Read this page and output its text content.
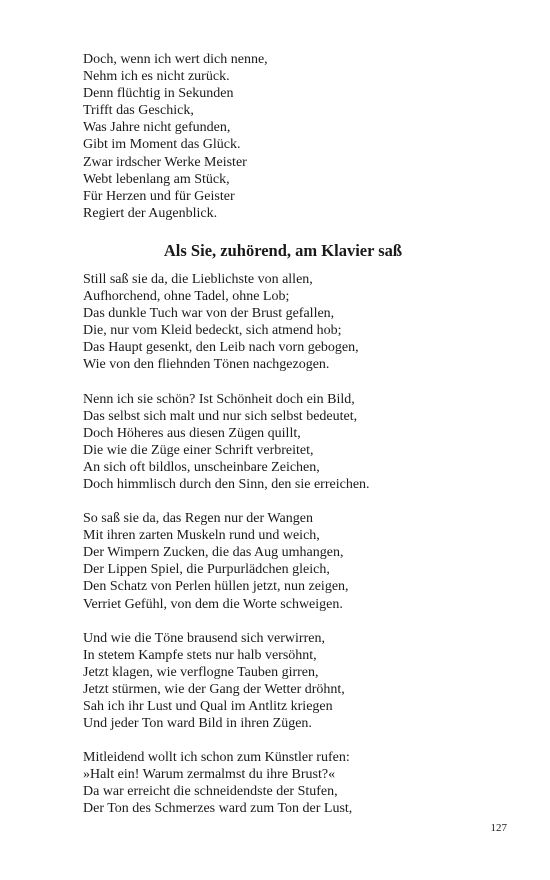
Doch, wenn ich wert dich nenne,
Nehm ich es nicht zurück.
Denn flüchtig in Sekunden
Trifft das Geschick,
Was Jahre nicht gefunden,
Gibt im Moment das Glück.
Zwar irdscher Werke Meister
Webt lebenlang am Stück,
Für Herzen und für Geister
Regiert der Augenblick.
Als Sie, zuhörend, am Klavier saß
Still saß sie da, die Lieblichste von allen,
Aufhorchend, ohne Tadel, ohne Lob;
Das dunkle Tuch war von der Brust gefallen,
Die, nur vom Kleid bedeckt, sich atmend hob;
Das Haupt gesenkt, den Leib nach vorn gebogen,
Wie von den fliehnden Tönen nachgezogen.
Nenn ich sie schön? Ist Schönheit doch ein Bild,
Das selbst sich malt und nur sich selbst bedeutet,
Doch Höheres aus diesen Zügen quillt,
Die wie die Züge einer Schrift verbreitet,
An sich oft bildlos, unscheinbare Zeichen,
Doch himmlisch durch den Sinn, den sie erreichen.
So saß sie da, das Regen nur der Wangen
Mit ihren zarten Muskeln rund und weich,
Der Wimpern Zucken, die das Aug umhangen,
Der Lippen Spiel, die Purpurlädchen gleich,
Den Schatz von Perlen hüllen jetzt, nun zeigen,
Verriet Gefühl, von dem die Worte schweigen.
Und wie die Töne brausend sich verwirren,
In stetem Kampfe stets nur halb versöhnt,
Jetzt klagen, wie verflogne Tauben girren,
Jetzt stürmen, wie der Gang der Wetter dröhnt,
Sah ich ihr Lust und Qual im Antlitz kriegen
Und jeder Ton ward Bild in ihren Zügen.
Mitleidend wollt ich schon zum Künstler rufen:
»Halt ein! Warum zermalmst du ihre Brust?«
Da war erreicht die schneidendste der Stufen,
Der Ton des Schmerzes ward zum Ton der Lust,
127
